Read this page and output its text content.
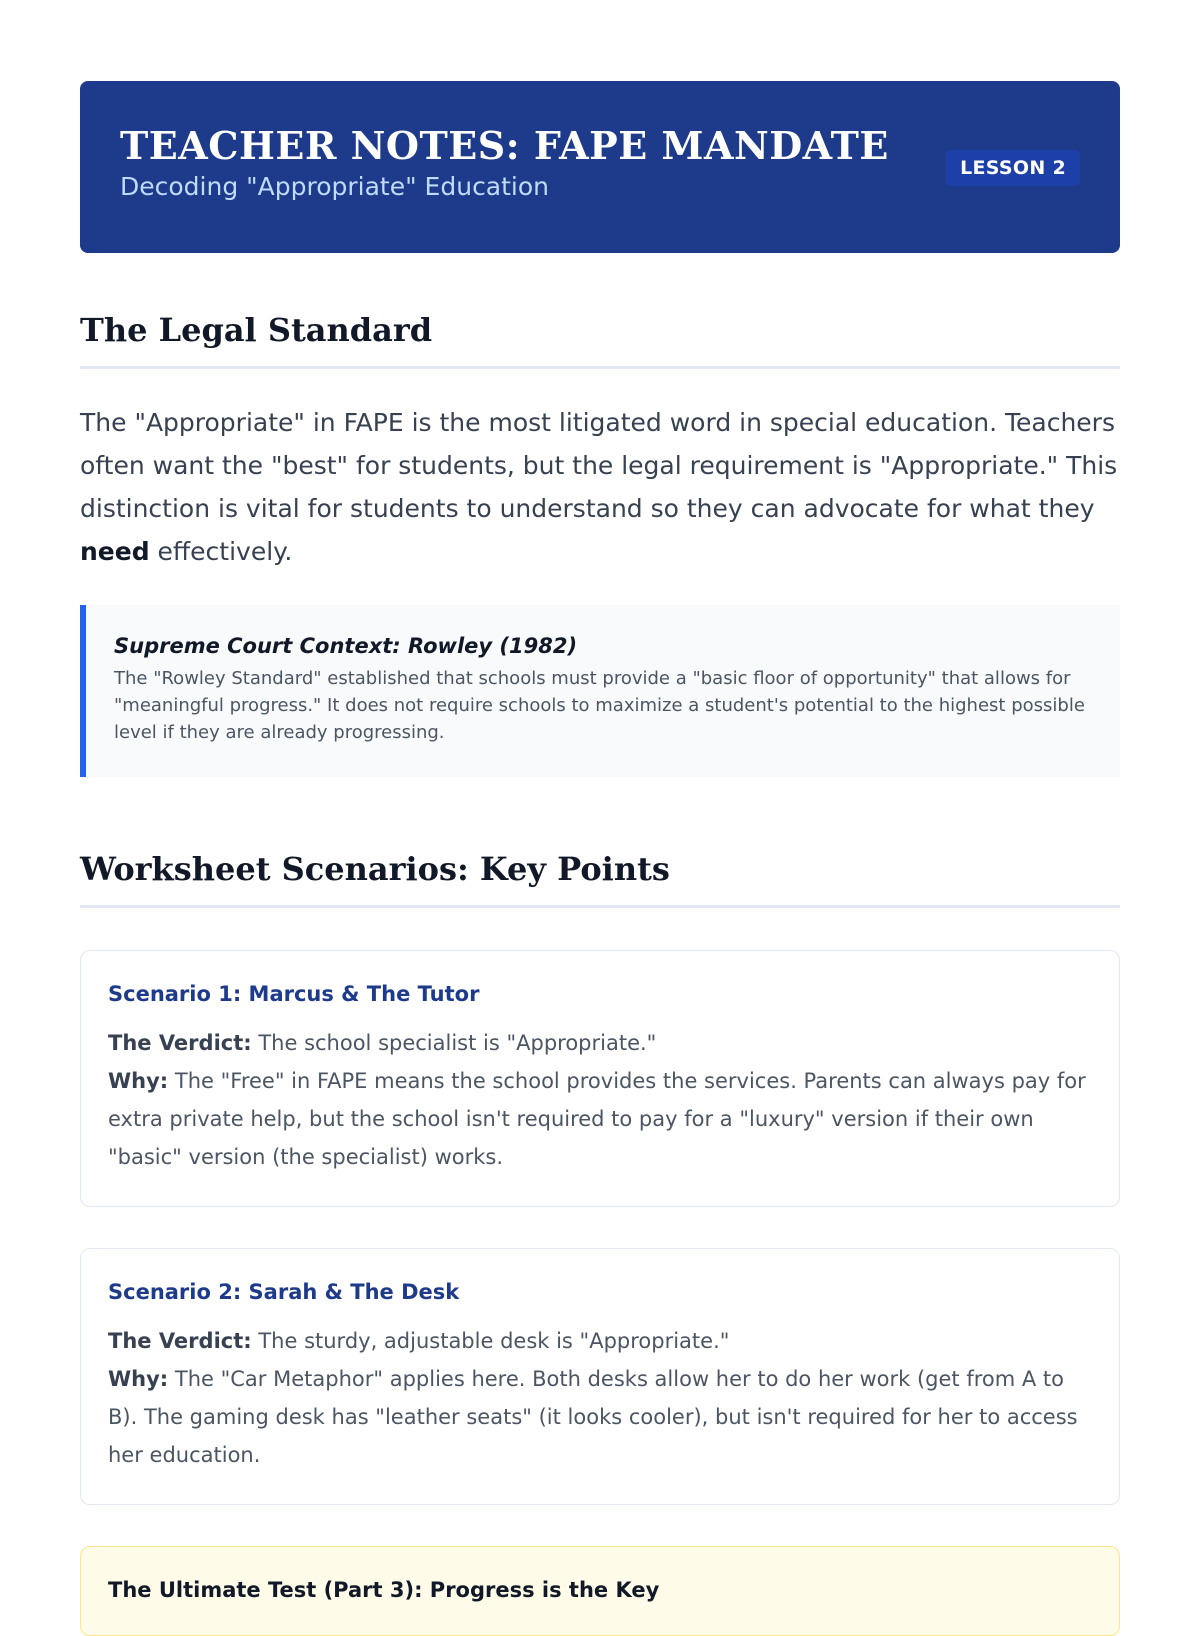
TEACHER NOTES: FAPE MANDATE
Decoding "Appropriate" Education
LESSON 2
The Legal Standard

The "Appropriate" in FAPE is the most litigated word in special education. Teachers often want the "best" for students, but the legal requirement is "Appropriate." This distinction is vital for students to understand so they can advocate for what they need effectively.

Supreme Court Context: Rowley (1982)
The "Rowley Standard" established that schools must provide a "basic floor of opportunity" that allows for "meaningful progress." It does not require schools to maximize a student's potential to the highest possible level if they are already progressing.
Worksheet Scenarios: Key Points
Scenario 1: Marcus & The Tutor
The Verdict: The school specialist is "Appropriate."
Why: The "Free" in FAPE means the school provides the services. Parents can always pay for extra private help, but the school isn't required to pay for a "luxury" version if their own "basic" version (the specialist) works.
Scenario 2: Sarah & The Desk
The Verdict: The sturdy, adjustable desk is "Appropriate."
Why: The "Car Metaphor" applies here. Both desks allow her to do her work (get from A to B). The gaming desk has "leather seats" (it looks cooler), but isn't required for her to access her education.
The Ultimate Test (Part 3): Progress is the Key
